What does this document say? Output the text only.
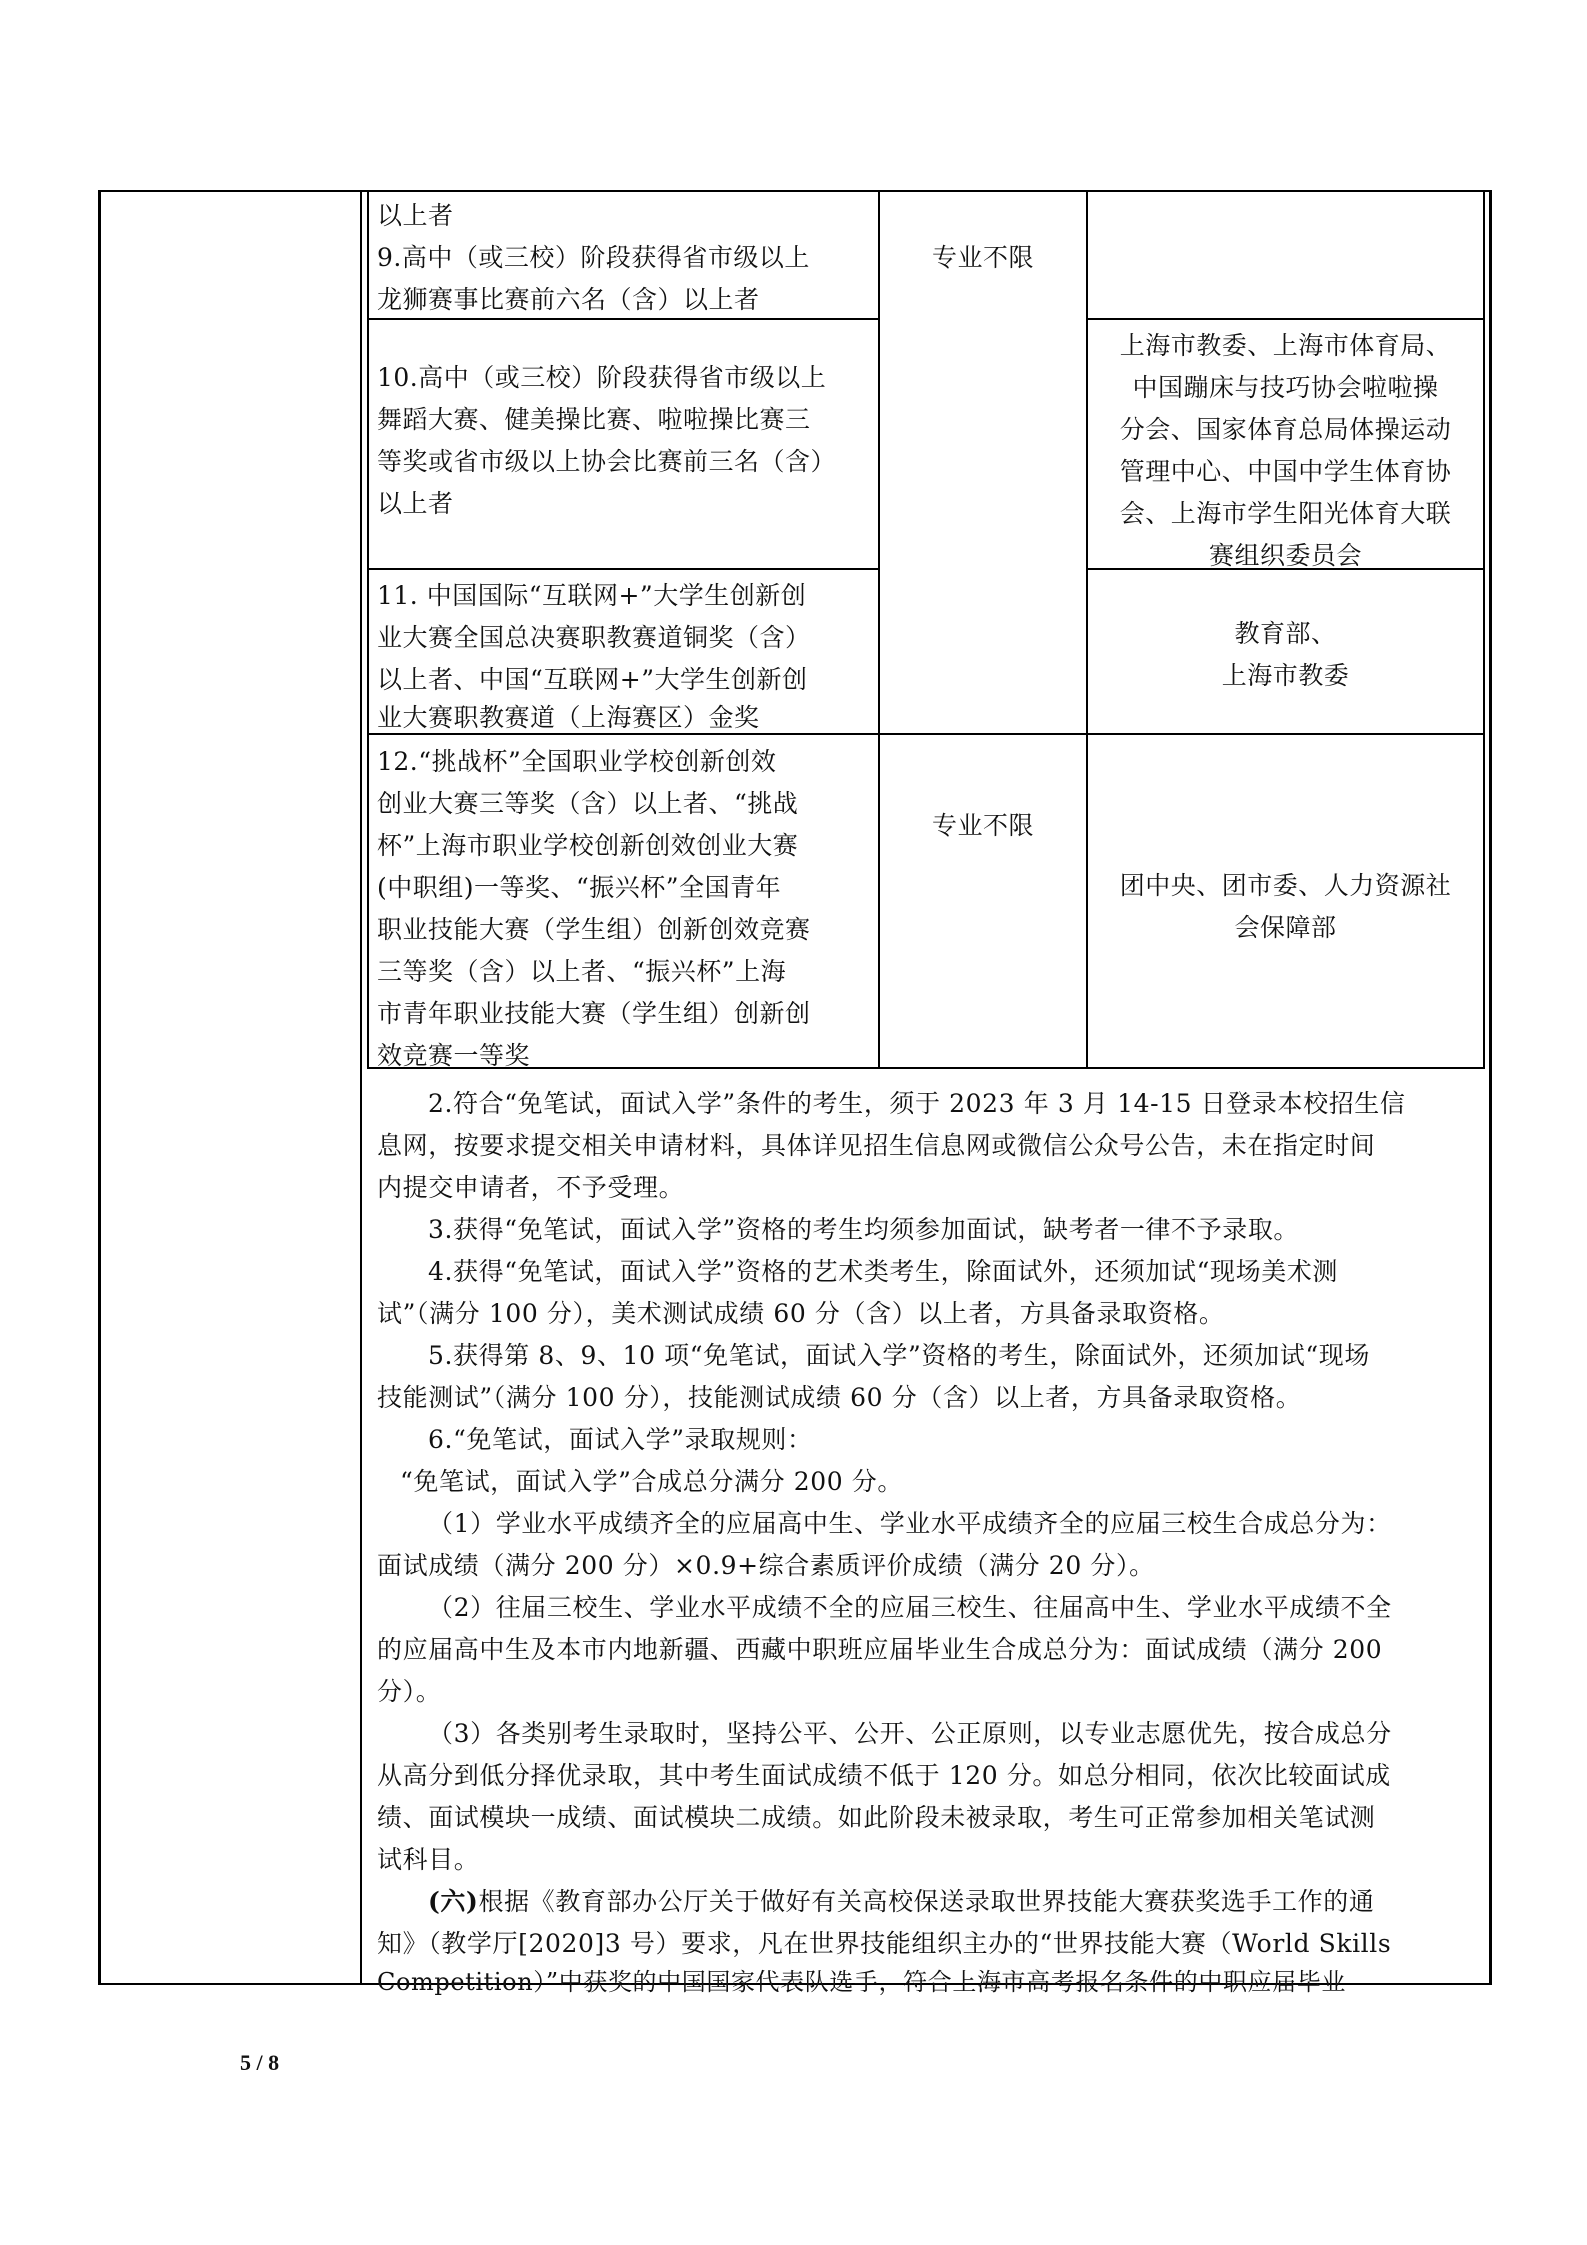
以上者
9.高中（或三校）阶段获得省市级以上
龙狮赛事比赛前六名（含）以上者
专业不限
10.高中（或三校）阶段获得省市级以上
舞蹈大赛、健美操比赛、啦啦操比赛三
等奖或省市级以上协会比赛前三名（含）
以上者
上海市教委、上海市体育局、
中国蹦床与技巧协会啦啦操
分会、国家体育总局体操运动
管理中心、中国中学生体育协
会、上海市学生阳光体育大联
赛组织委员会
11. 中国国际“互联网+”大学生创新创
业大赛全国总决赛职教赛道铜奖（含）
以上者、中国“互联网+”大学生创新创
业大赛职教赛道（上海赛区）金奖
教育部、
上海市教委
12.“挑战杯”全国职业学校创新创效
创业大赛三等奖（含）以上者、“挑战
杯”上海市职业学校创新创效创业大赛
(中职组)一等奖、“振兴杯”全国青年
职业技能大赛（学生组）创新创效竞赛
三等奖（含）以上者、“振兴杯”上海
市青年职业技能大赛（学生组）创新创
效竞赛一等奖
专业不限
团中央、团市委、人力资源社
会保障部
2.符合“免笔试，面试入学”条件的考生，须于 2023 年 3 月 14-15 日登录本校招生信
息网，按要求提交相关申请材料，具体详见招生信息网或微信公众号公告，未在指定时间
内提交申请者，不予受理。
3.获得“免笔试，面试入学”资格的考生均须参加面试，缺考者一律不予录取。
4.获得“免笔试，面试入学”资格的艺术类考生，除面试外，还须加试“现场美术测
试”（满分 100 分），美术测试成绩 60 分（含）以上者，方具备录取资格。
5.获得第 8、9、10 项“免笔试，面试入学”资格的考生，除面试外，还须加试“现场
技能测试”（满分 100 分），技能测试成绩 60 分（含）以上者，方具备录取资格。
6.“免笔试，面试入学”录取规则：
“免笔试，面试入学”合成总分满分 200 分。
（1）学业水平成绩齐全的应届高中生、学业水平成绩齐全的应届三校生合成总分为：
面试成绩（满分 200 分）×0.9+综合素质评价成绩（满分 20 分）。
（2）往届三校生、学业水平成绩不全的应届三校生、往届高中生、学业水平成绩不全
的应届高中生及本市内地新疆、西藏中职班应届毕业生合成总分为：面试成绩（满分 200
分）。
（3）各类别考生录取时，坚持公平、公开、公正原则，以专业志愿优先，按合成总分
从高分到低分择优录取，其中考生面试成绩不低于 120 分。如总分相同，依次比较面试成
绩、面试模块一成绩、面试模块二成绩。如此阶段未被录取，考生可正常参加相关笔试测
试科目。
(六)根据《教育部办公厅关于做好有关高校保送录取世界技能大赛获奖选手工作的通
知》（教学厅[2020]3 号）要求，凡在世界技能组织主办的“世界技能大赛（World Skills
Competition）”中获奖的中国国家代表队选手，符合上海市高考报名条件的中职应届毕业
5 / 8
